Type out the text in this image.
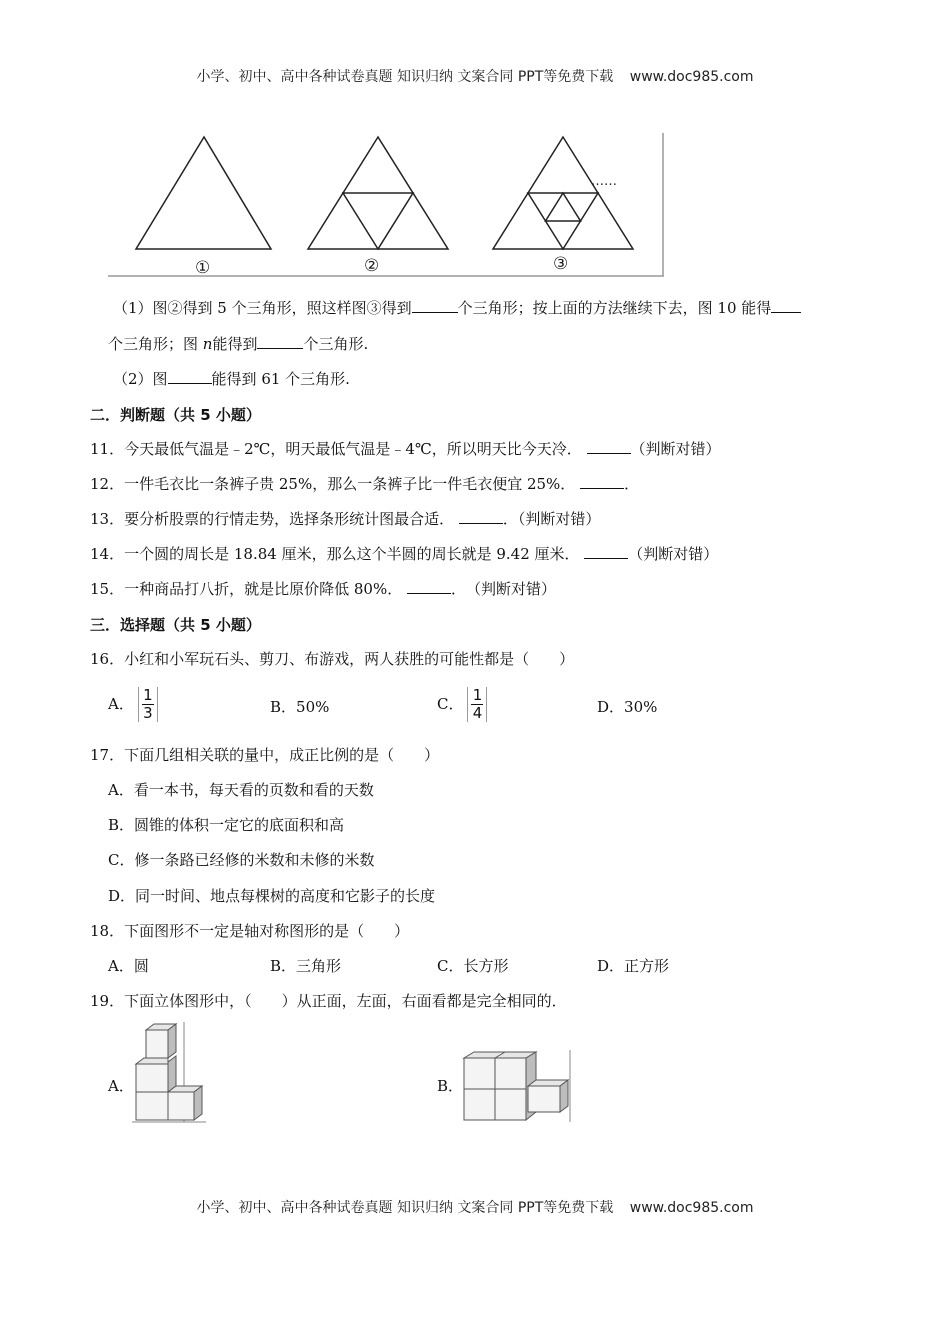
小学、初中、高中各种试卷真题 知识归纳 文案合同 PPT等免费下载 www.doc985.com
……
①	②	③
（1）图②得到 5 个三角形，照这样图③得到	个三角形；按上面的方法继续下去，图 10 能得
个三角形；图 n能得到	个三角形.
（2）图	能得到 61 个三角形.
二．判断题（共 5 小题）
11．今天最低气温是﹣2℃，明天最低气温是﹣4℃，所以明天比今天冷．	（判断对错）
12．一件毛衣比一条裤子贵 25%，那么一条裤子比一件毛衣便宜 25%．	．
13．要分析股票的行情走势，选择条形统计图最合适．	．（判断对错）
14．一个圆的周长是 18.84 厘米，那么这个半圆的周长就是 9.42 厘米．	（判断对错）
15．一种商品打八折，就是比原价降低 80%．	．　（判断对错）
三．选择题（共 5 小题）
16．小红和小军玩石头、剪刀、布游戏，两人获胜的可能性都是（　　）
A． $\frac{1}{3}$	B．50%	C． $\frac{1}{4}$	D．30%
17．下面几组相关联的量中，成正比例的是（　　）
A．看一本书，每天看的页数和看的天数
B．圆锥的体积一定它的底面积和高
C．修一条路已经修的米数和未修的米数
D．同一时间、地点每棵树的高度和它影子的长度
18．下面图形不一定是轴对称图形的是（　　）
A．圆	B．三角形	C．长方形	D．正方形
19．下面立体图形中，（　　）从正面，左面，右面看都是完全相同的．
A．	B．
小学、初中、高中各种试卷真题 知识归纳 文案合同 PPT等免费下载 www.doc985.com
